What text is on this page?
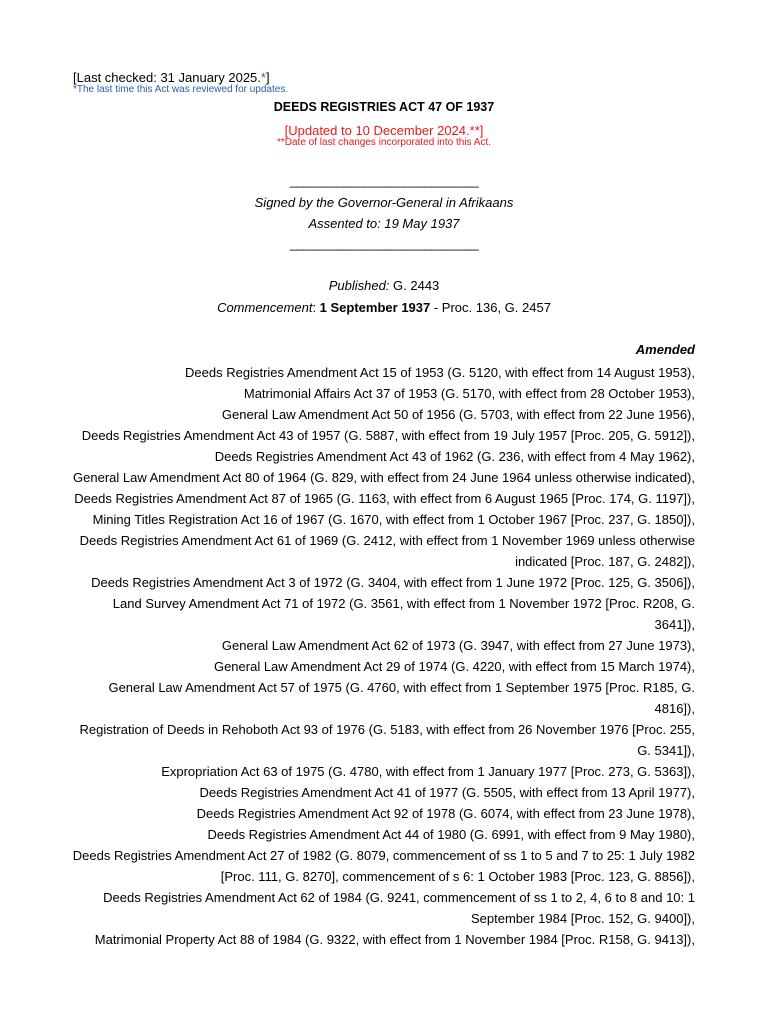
[Last checked: 31 January 2025.*]
*The last time this Act was reviewed for updates.
DEEDS REGISTRIES ACT 47 OF 1937
[Updated to 10 December 2024.**]
**Date of last changes incorporated into this Act.
____________________________
Signed by the Governor-General in Afrikaans
Assented to: 19 May 1937
____________________________
Published: G. 2443
Commencement: 1 September 1937 - Proc. 136, G. 2457
Amended

Deeds Registries Amendment Act 15 of 1953 (G. 5120, with effect from 14 August 1953),

Matrimonial Affairs Act 37 of 1953 (G. 5170, with effect from 28 October 1953),

General Law Amendment Act 50 of 1956 (G. 5703, with effect from 22 June 1956),

Deeds Registries Amendment Act 43 of 1957 (G. 5887, with effect from 19 July 1957 [Proc. 205, G. 5912]),

Deeds Registries Amendment Act 43 of 1962 (G. 236, with effect from 4 May 1962),

General Law Amendment Act 80 of 1964 (G. 829, with effect from 24 June 1964 unless otherwise indicated),

Deeds Registries Amendment Act 87 of 1965 (G. 1163, with effect from 6 August 1965 [Proc. 174, G. 1197]),

Mining Titles Registration Act 16 of 1967 (G. 1670, with effect from 1 October 1967 [Proc. 237, G. 1850]),

Deeds Registries Amendment Act 61 of 1969 (G. 2412, with effect from 1 November 1969 unless otherwise

indicated [Proc. 187, G. 2482]),

Deeds Registries Amendment Act 3 of 1972 (G. 3404, with effect from 1 June 1972 [Proc. 125, G. 3506]),

Land Survey Amendment Act 71 of 1972 (G. 3561, with effect from 1 November 1972 [Proc. R208, G.

3641]),

General Law Amendment Act 62 of 1973 (G. 3947, with effect from 27 June 1973),

General Law Amendment Act 29 of 1974 (G. 4220, with effect from 15 March 1974),

General Law Amendment Act 57 of 1975 (G. 4760, with effect from 1 September 1975 [Proc. R185, G.

4816]),

Registration of Deeds in Rehoboth Act 93 of 1976 (G. 5183, with effect from 26 November 1976 [Proc. 255,

G. 5341]),

Expropriation Act 63 of 1975 (G. 4780, with effect from 1 January 1977 [Proc. 273, G. 5363]),

Deeds Registries Amendment Act 41 of 1977 (G. 5505, with effect from 13 April 1977),

Deeds Registries Amendment Act 92 of 1978 (G. 6074, with effect from 23 June 1978),

Deeds Registries Amendment Act 44 of 1980 (G. 6991, with effect from 9 May 1980),

Deeds Registries Amendment Act 27 of 1982 (G. 8079, commencement of ss 1 to 5 and 7 to 25: 1 July 1982

[Proc. 111, G. 8270], commencement of s 6: 1 October 1983 [Proc. 123, G. 8856]),

Deeds Registries Amendment Act 62 of 1984 (G. 9241, commencement of ss 1 to 2, 4, 6 to 8 and 10: 1

September 1984 [Proc. 152, G. 9400]),

Matrimonial Property Act 88 of 1984 (G. 9322, with effect from 1 November 1984 [Proc. R158, G. 9413]),
